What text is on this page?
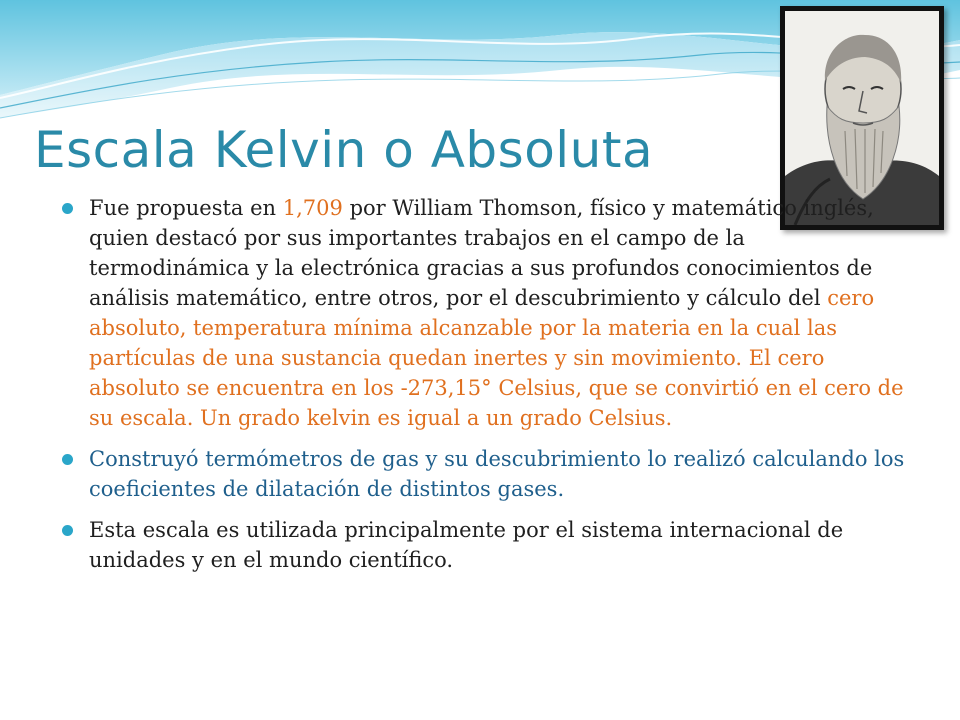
Escala Kelvin o Absoluta
Fue propuesta en 1,709 por William Thomson, físico y matemático inglés, quien destacó por sus importantes trabajos en el campo de la termodinámica y la electrónica gracias a sus profundos conocimientos de análisis matemático, entre otros, por el descubrimiento y cálculo del cero absoluto, temperatura mínima alcanzable por la materia en la cual las partículas de una sustancia quedan inertes y sin movimiento. El cero absoluto se encuentra en los -273,15° Celsius, que se convirtió en el cero de su escala. Un grado kelvin es igual a un grado Celsius.
Construyó termómetros de gas y su descubrimiento lo realizó calculando los coeficientes de dilatación de distintos gases.
Esta escala es utilizada principalmente por el sistema internacional de unidades y en el mundo científico.
